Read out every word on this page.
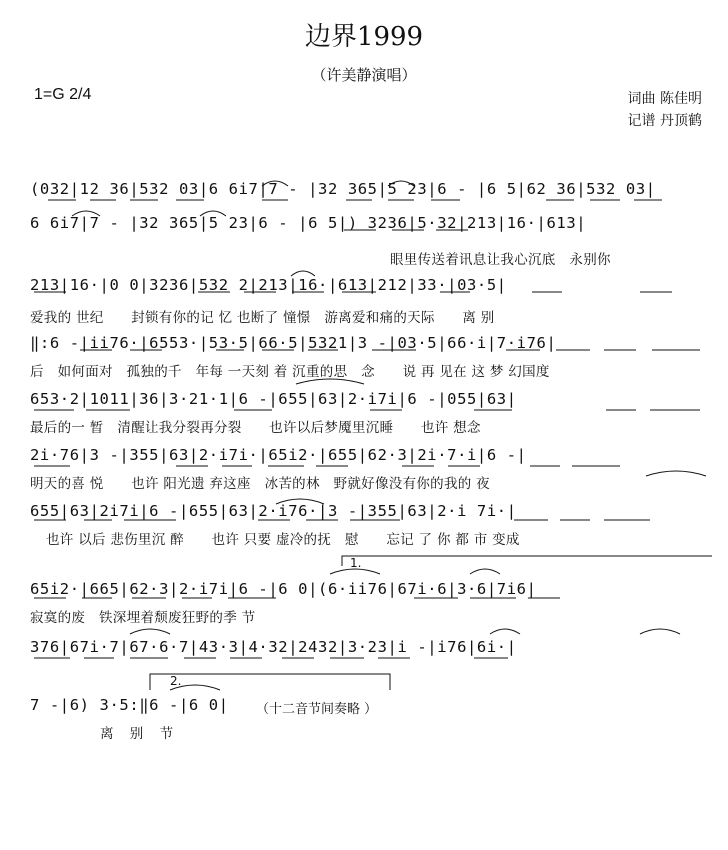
边界1999
（许美静演唱）
1=G 2/4	词曲 陈佳明
记谱 丹顶鹤
(032|12 36|532 03|6 6i7|7 - |32 365|5 23|6 - |6 5|62 36|532 03|
6 6i7|7 - |32 365|5 23|6 - |6 5|) 3236|5·32|213|16·|613|
眼里传送着讯息让我心沉底　永别你
213|16·|0 0|3236|532 2|213|16·|613|212|33·|03·5|
爱我的 世纪　　封锁有你的记 忆 也断了 憧憬　游离爱和痛的天际　　离 别
‖:6 -|ii76·|6553·|53·5|66·5|5321|3 -|03·5|66·i|7·i76|
后　如何面对　孤独的千　年每 一天刻 着 沉重的思　念　　说 再 见在 这 梦 幻国度
653·2|1011|36|3·21·1|6 -|655|63|2·i7i|6 -|055|63|
最后的一 暂　清醒让我分裂再分裂　　也许以后梦魇里沉睡　　也许 想念
2i·76|3 -|355|63|2·i7i·|65i2·|655|62·3|2i·7·i|6 -|
明天的喜 悦　　也许 阳光遗 弃这座　冰苦的林　野就好像没有你的我的 夜
655|63|2i7i|6 -|655|63|2·i76·|3 -|355|63|2·i 7i·|
也许 以后 悲伤里沉 醉　　也许 只要 虚冷的抚　慰　　忘记 了 你 都 市 变成
1.
65i2·|665|62·3|2·i7i|6 -|6 0|(6·ii76|67i·6|3·6|7i6|
寂寞的废　铁深埋着颓废狂野的季 节
376|67i·7|67·6·7|43·3|4·32|2432|3·23|i -|i76|6i·|
2.
7 -|6) 3·5:‖6 -|6 0| （十二音节间奏略 ）
离 别 节
